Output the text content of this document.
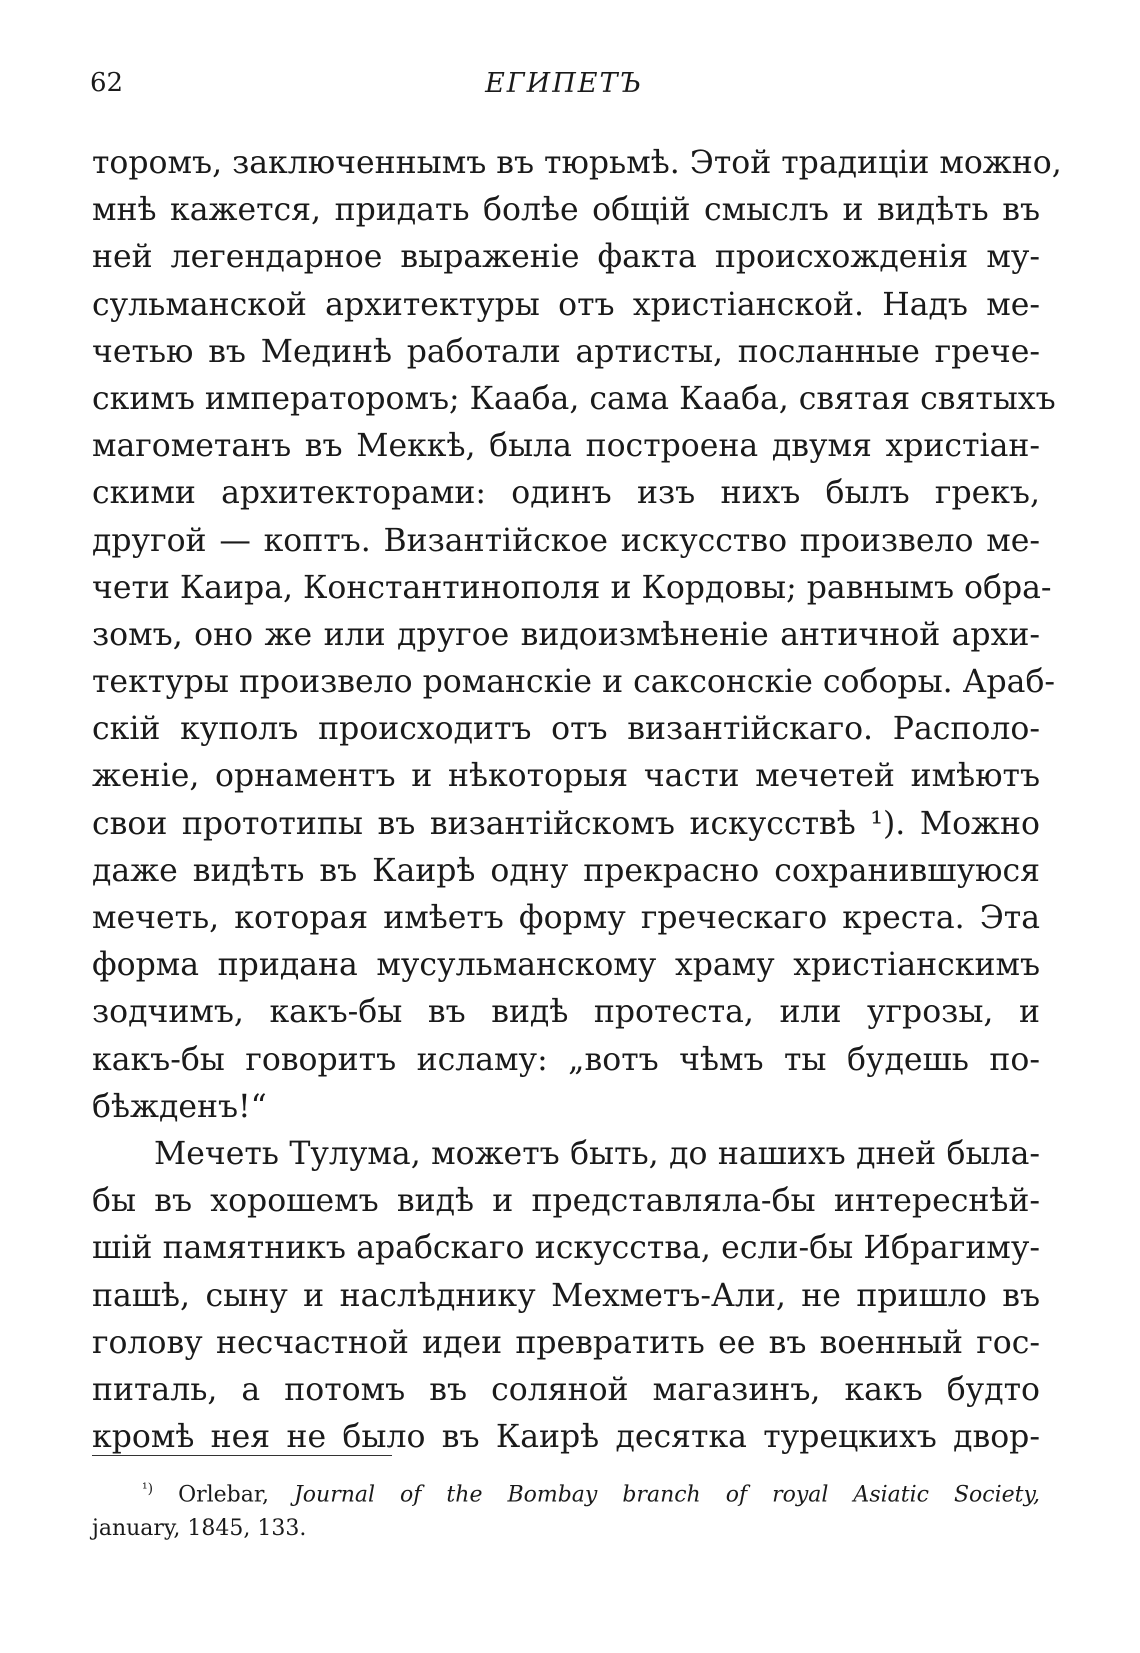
62	ЕГИПЕТЪ
торомъ, заключеннымъ въ тюрьмѣ. Этой традиціи можно,
мнѣ кажется, придать болѣе общій смыслъ и видѣть въ
ней легендарное выраженіе факта происхожденія му-
сульманской архитектуры отъ христіанской. Надъ ме-
четью въ Мединѣ работали артисты, посланные грече-
скимъ императоромъ; Кааба, сама Кааба, святая святыхъ
магометанъ въ Меккѣ, была построена двумя христіан-
скими архитекторами: одинъ изъ нихъ былъ грекъ,
другой — коптъ. Византійское искусство произвело ме-
чети Каира, Константинополя и Кордовы; равнымъ обра-
зомъ, оно же или другое видоизмѣненіе античной архи-
тектуры произвело романскіе и саксонскіе соборы. Араб-
скій куполъ происходитъ отъ византійскаго. Располо-
женіе, орнаментъ и нѣкоторыя части мечетей имѣютъ
свои прототипы въ византійскомъ искусствѣ ¹). Можно
даже видѣть въ Каирѣ одну прекрасно сохранившуюся
мечеть, которая имѣетъ форму греческаго креста. Эта
форма придана мусульманскому храму христіанскимъ
зодчимъ, какъ-бы въ видѣ протеста, или угрозы, и
какъ-бы говоритъ исламу: „вотъ чѣмъ ты будешь по-
бѣжденъ!“
Мечеть Тулума, можетъ быть, до нашихъ дней была-
бы въ хорошемъ видѣ и представляла-бы интереснѣй-
шій памятникъ арабскаго искусства, если-бы Ибрагиму-
пашѣ, сыну и наслѣднику Мехметъ-Али, не пришло въ
голову несчастной идеи превратить ее въ военный гос-
питаль, а потомъ въ соляной магазинъ, какъ будто
кромѣ нея не было въ Каирѣ десятка турецкихъ двор-
$^{^1)}$ Orlebar, Journal of the Bombay branch of royal Asiatic Society,
january, 1845, 133.
